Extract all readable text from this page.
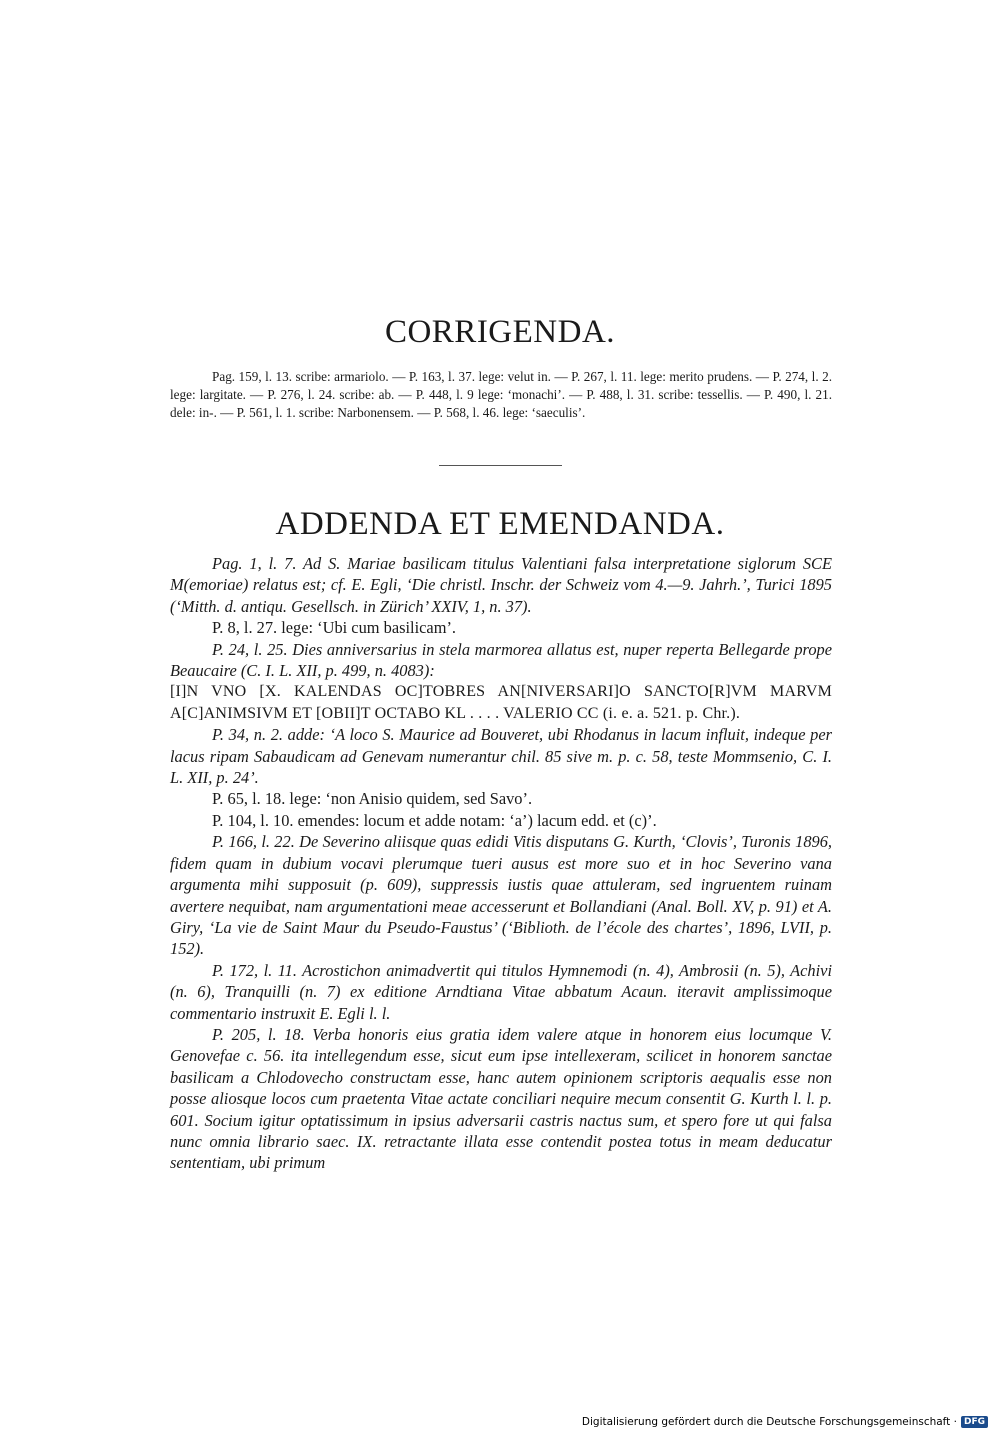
CORRIGENDA.

Pag. 159, l. 13. scribe: armariolo. — P. 163, l. 37. lege: velut in. — P. 267, l. 11. lege: merito prudens. — P. 274, l. 2. lege: largitate. — P. 276, l. 24. scribe: ab. — P. 448, l. 9 lege: ‘monachi’. — P. 488, l. 31. scribe: tessellis. — P. 490, l. 21. dele: in-. — P. 561, l. 1. scribe: Narbonensem. — P. 568, l. 46. lege: ‘saeculis’.

ADDENDA ET EMENDANDA.

Pag. 1, l. 7. Ad S. Mariae basilicam titulus Valentiani falsa interpretatione siglorum SCE M(emoriae) relatus est; cf. E. Egli, ‘Die christl. Inschr. der Schweiz vom 4.—9. Jahrh.’, Turici 1895 (‘Mitth. d. antiqu. Gesellsch. in Zürich’ XXIV, 1, n. 37).

P. 8, l. 27. lege: ‘Ubi cum basilicam’.

P. 24, l. 25. Dies anniversarius in stela marmorea allatus est, nuper reperta Bellegarde prope Beaucaire (C. I. L. XII, p. 499, n. 4083):

[I]N VNO [X. KALENDAS OC]TOBRES AN[NIVERSARI]O SANCTO[R]VM MARVM A[C]ANIMSIVM ET [OBII]T OCTABO KL . . . . VALERIO CC (i. e. a. 521. p. Chr.).

P. 34, n. 2. adde: ‘A loco S. Maurice ad Bouveret, ubi Rhodanus in lacum influit, indeque per lacus ripam Sabaudicam ad Genevam numerantur chil. 85 sive m. p. c. 58, teste Mommsenio, C. I. L. XII, p. 24’.

P. 65, l. 18. lege: ‘non Anisio quidem, sed Savo’.

P. 104, l. 10. emendes: locum et adde notam: ‘a’) lacum edd. et (c)’.

P. 166, l. 22. De Severino aliisque quas edidi Vitis disputans G. Kurth, ‘Clovis’, Turonis 1896, fidem quam in dubium vocavi plerumque tueri ausus est more suo et in hoc Severino vana argumenta mihi supposuit (p. 609), suppressis iustis quae attuleram, sed ingruentem ruinam avertere nequibat, nam argumentationi meae accesserunt et Bollandiani (Anal. Boll. XV, p. 91) et A. Giry, ‘La vie de Saint Maur du Pseudo-Faustus’ (‘Biblioth. de l’école des chartes’, 1896, LVII, p. 152).

P. 172, l. 11. Acrostichon animadvertit qui titulos Hymnemodi (n. 4), Ambrosii (n. 5), Achivi (n. 6), Tranquilli (n. 7) ex editione Arndtiana Vitae abbatum Acaun. iteravit amplissimoque commentario instruxit E. Egli l. l.

P. 205, l. 18. Verba honoris eius gratia idem valere atque in honorem eius locumque V. Genovefae c. 56. ita intellegendum esse, sicut eum ipse intellexeram, scilicet in honorem sanctae basilicam a Chlodovecho constructam esse, hanc autem opinionem scriptoris aequalis esse non posse aliosque locos cum praetenta Vitae actate conciliari nequire mecum consentit G. Kurth l. l. p. 601. Socium igitur optatissimum in ipsius adversarii castris nactus sum, et spero fore ut qui falsa nunc omnia librario saec. IX. retractante illata esse contendit postea totus in meam deducatur sententiam, ubi primum

Digitalisierung gefördert durch die Deutsche Forschungsgemeinschaft · DFG
